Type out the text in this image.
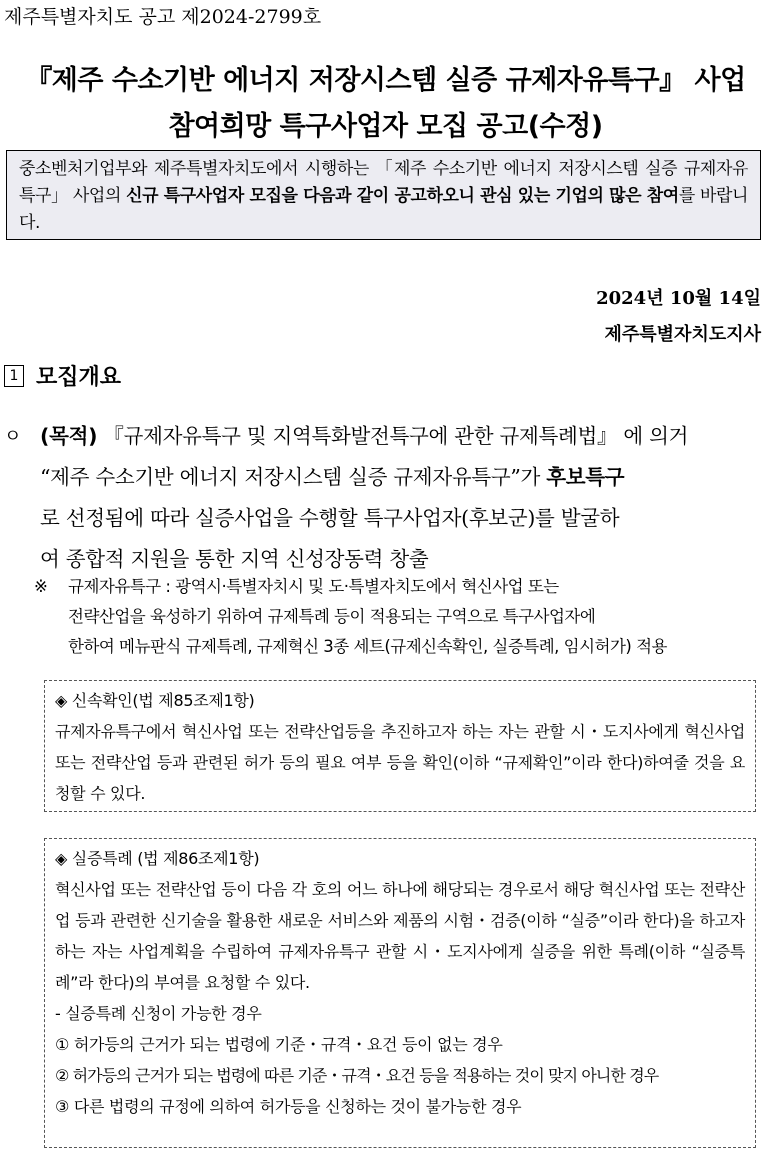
제주특별자치도 공고 제2024-2799호
『제주 수소기반 에너지 저장시스템 실증 규제자유특구』 사업
참여희망 특구사업자 모집 공고(수정)
중소벤처기업부와 제주특별자치도에서 시행하는 「제주 수소기반 에너지 저장시스템 실증 규제자유특구」 사업의 신규 특구사업자 모집을 다음과 같이 공고하오니 관심 있는 기업의 많은 참여를 바랍니다.
2024년 10월 14일
제주특별자치도지사
1 모집개요
ㅇ (목적) 『규제자유특구 및 지역특화발전특구에 관한 규제특례법』 에 의거
“제주 수소기반 에너지 저장시스템 실증 규제자유특구”가 후보특구
로 선정됨에 따라 실증사업을 수행할 특구사업자(후보군)를 발굴하
여 종합적 지원을 통한 지역 신성장동력 창출
※ 규제자유특구 : 광역시·특별자치시 및 도·특별자치도에서 혁신사업 또는
전략산업을 육성하기 위하여 규제특례 등이 적용되는 구역으로 특구사업자에
한하여 메뉴판식 규제특례, 규제혁신 3종 세트(규제신속확인, 실증특례, 임시허가) 적용
◈ 신속확인(법 제85조제1항)
규제자유특구에서 혁신사업 또는 전략산업등을 추진하고자 하는 자는 관할 시・도지사에게 혁신사업 또는 전략산업 등과 관련된 허가 등의 필요 여부 등을 확인(이하 “규제확인”이라 한다)하여줄 것을 요청할 수 있다.
◈ 실증특례 (법 제86조제1항)
혁신사업 또는 전략산업 등이 다음 각 호의 어느 하나에 해당되는 경우로서 해당 혁신사업 또는 전략산업 등과 관련한 신기술을 활용한 새로운 서비스와 제품의 시험・검증(이하 “실증”이라 한다)을 하고자 하는 자는 사업계획을 수립하여 규제자유특구 관할 시・도지사에게 실증을 위한 특례(이하 “실증특례”라 한다)의 부여를 요청할 수 있다.
- 실증특례 신청이 가능한 경우
① 허가등의 근거가 되는 법령에 기준・규격・요건 등이 없는 경우
② 허가등의 근거가 되는 법령에 따른 기준・규격・요건 등을 적용하는 것이 맞지 아니한 경우
③ 다른 법령의 규정에 의하여 허가등을 신청하는 것이 불가능한 경우
